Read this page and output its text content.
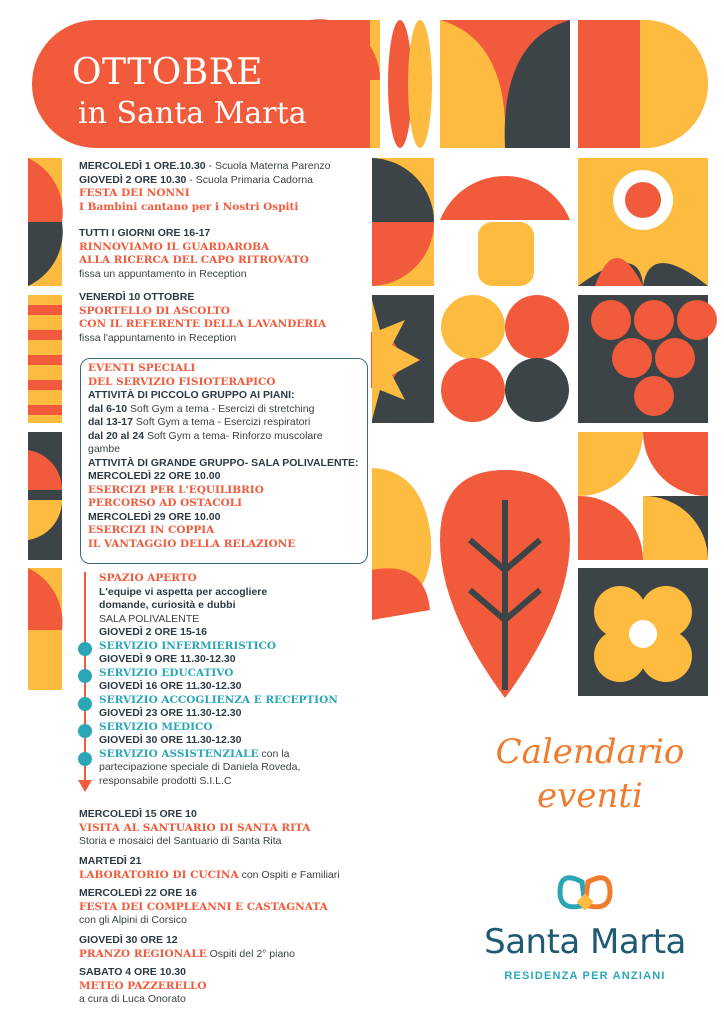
OTTOBRE
in Santa Marta
MERCOLEDÌ 1 ORE.10.30 - Scuola Materna Parenzo
GIOVEDÌ 2 ORE 10.30 - Scuola Primaria Cadorna
FESTA DEI NONNI
I Bambini cantano per i Nostri Ospiti
TUTTI I GIORNI ORE 16-17
RINNOVIAMO IL GUARDAROBA
ALLA RICERCA DEL CAPO RITROVATO
fissa un appuntamento in Reception
VENERDÌ 10 OTTOBRE
SPORTELLO DI ASCOLTO
CON IL REFERENTE DELLA LAVANDERIA
fissa l'appuntamento in Reception
EVENTI SPECIALI
DEL SERVIZIO FISIOTERAPICO
ATTIVITÀ DI PICCOLO GRUPPO AI PIANI:
dal 6-10 Soft Gym a tema - Esercizi di stretching
dal 13-17 Soft Gym a tema - Esercizi respiratori
dal 20 al 24 Soft Gym a tema- Rinforzo muscolare
gambe
ATTIVITÀ DI GRANDE GRUPPO- SALA POLIVALENTE:
MERCOLEDÌ 22 ORE 10.00
ESERCIZI PER L'EQUILIBRIO
PERCORSO AD OSTACOLI
MERCOLEDÌ 29 ORE 10.00
ESERCIZI IN COPPIA
IL VANTAGGIO DELLA RELAZIONE
SPAZIO APERTO
L'equipe vi aspetta per accogliere
domande, curiosità e dubbi
SALA POLIVALENTE
GIOVEDÌ 2 ORE 15-16
SERVIZIO INFERMIERISTICO
GIOVEDÌ 9 ORE 11.30-12.30
SERVIZIO EDUCATIVO
GIOVEDÌ 16 ORE 11.30-12.30
SERVIZIO ACCOGLIENZA E RECEPTION
GIOVEDÌ 23 ORE 11.30-12.30
SERVIZIO MEDICO
GIOVEDÌ 30 ORE 11.30-12.30
SERVIZIO ASSISTENZIALE con la
partecipazione speciale di Daniela Roveda,
responsabile prodotti S.I.L.C
MERCOLEDÌ 15 ORE 10
VISITA AL SANTUARIO DI SANTA RITA
Storia e mosaici del Santuario di Santa Rita
MARTEDÌ 21
LABORATORIO DI CUCINA con Ospiti e Familiari
MERCOLEDÌ 22 ORE 16
FESTA DEI COMPLEANNI E CASTAGNATA
con gli Alpini di Corsico
GIOVEDÌ 30 ORE 12
PRANZO REGIONALE Ospiti del 2° piano
SABATO 4 ORE 10.30
METEO PAZZERELLO
a cura di Luca Onorato
Calendario
eventi
Santa Marta
RESIDENZA PER ANZIANI
